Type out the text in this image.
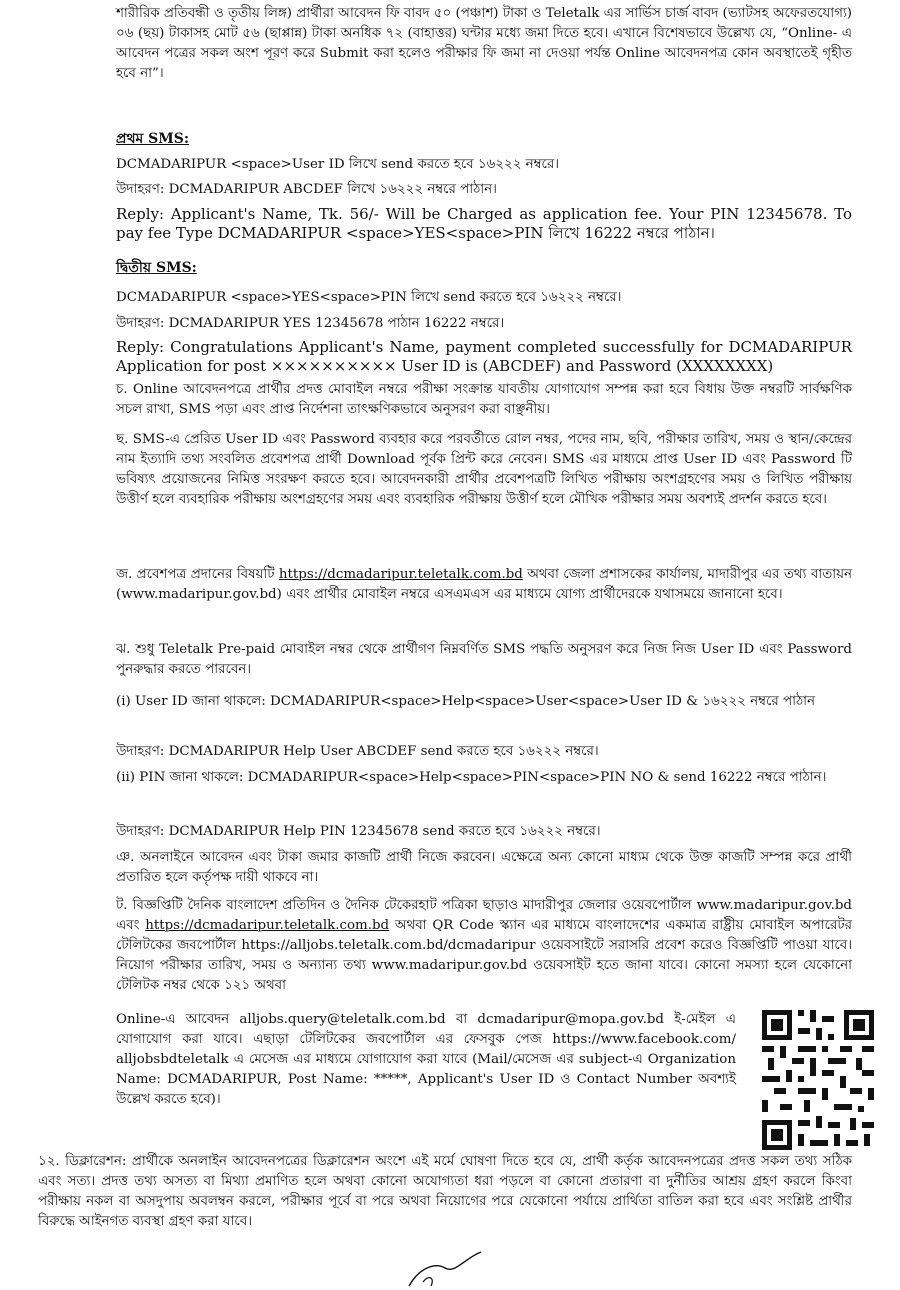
শারীরিক প্রতিবন্ধী ও তৃতীয় লিঙ্গ) প্রার্থীরা আবেদন ফি বাবদ ৫০ (পঞ্চাশ) টাকা ও Teletalk এর সার্ভিস চার্জ বাবদ (ভ্যাটসহ অফেরতযোগ্য) ০৬ (ছয়) টাকাসহ মোট ৫৬ (ছাপ্পান্ন) টাকা অনধিক ৭২ (বাহাত্তর) ঘন্টার মধ্যে জমা দিতে হবে। এখানে বিশেষভাবে উল্লেখ্য যে, “Online- এ আবেদন পত্রের সকল অংশ পূরণ করে Submit করা হলেও পরীক্ষার ফি জমা না দেওয়া পর্যন্ত Online আবেদনপত্র কোন অবস্থাতেই গৃহীত হবে না”।

প্রথম SMS:
DCMADARIPUR <space>User ID লিখে send করতে হবে ১৬২২২ নম্বরে।
উদাহরণ: DCMADARIPUR ABCDEF লিখে ১৬২২২ নম্বরে পাঠান।

Reply: Applicant's Name, Tk. 56/- Will be Charged as application fee. Your PIN 12345678. To pay fee Type DCMADARIPUR <space>YES<space>PIN লিখে 16222 নম্বরে পাঠান।

দ্বিতীয় SMS:
DCMADARIPUR <space>YES<space>PIN লিখে send করতে হবে ১৬২২২ নম্বরে।
উদাহরণ: DCMADARIPUR YES 12345678 পাঠান 16222 নম্বরে।

Reply: Congratulations Applicant's Name, payment completed successfully for DCMADARIPUR Application for post ×××××××××× User ID is (ABCDEF) and Password (XXXXXXXX)

চ. Online আবেদনপত্রে প্রার্থীর প্রদত্ত মোবাইল নম্বরে পরীক্ষা সংক্রান্ত যাবতীয় যোগাযোগ সম্পন্ন করা হবে বিধায় উক্ত নম্বরটি সার্বক্ষণিক সচল রাখা, SMS পড়া এবং প্রাপ্ত নির্দেশনা তাৎক্ষণিকভাবে অনুসরণ করা বাঞ্ছনীয়।

ছ. SMS-এ প্রেরিত User ID এবং Password ব্যবহার করে পরবর্তীতে রোল নম্বর, পদের নাম, ছবি, পরীক্ষার তারিখ, সময় ও স্থান/কেন্দ্রের নাম ইত্যাদি তথ্য সংবলিত প্রবেশপত্র প্রার্থী Download পূর্বক প্রিন্ট করে নেবেন। SMS এর মাধ্যমে প্রাপ্ত User ID এবং Password টি ভবিষ্যৎ প্রয়োজনের নিমিত্ত সংরক্ষণ করতে হবে। আবেদনকারী প্রার্থীর প্রবেশপত্রটি লিখিত পরীক্ষায় অংশগ্রহণের সময় ও লিখিত পরীক্ষায় উত্তীর্ণ হলে ব্যবহারিক পরীক্ষায় অংশগ্রহণের সময় এবং ব্যবহারিক পরীক্ষায় উত্তীর্ণ হলে মৌখিক পরীক্ষার সময় অবশ্যই প্রদর্শন করতে হবে।

জ. প্রবেশপত্র প্রদানের বিষয়টি https://dcmadaripur.teletalk.com.bd অথবা জেলা প্রশাসকের কার্যালয়, মাদারীপুর এর তথ্য বাতায়ন (www.madaripur.gov.bd) এবং প্রার্থীর মোবাইল নম্বরে এসএমএস এর মাধ্যমে যোগ্য প্রার্থীদেরকে যথাসময়ে জানানো হবে।

ঝ. শুধু Teletalk Pre-paid মোবাইল নম্বর থেকে প্রার্থীগণ নিম্নবর্ণিত SMS পদ্ধতি অনুসরণ করে নিজ নিজ User ID এবং Password পুনরুদ্ধার করতে পারবেন।

(i) User ID জানা থাকলে: DCMADARIPUR<space>Help<space>User<space>User ID & ১৬২২২ নম্বরে পাঠান

উদাহরণ: DCMADARIPUR Help User ABCDEF send করতে হবে ১৬২২২ নম্বরে।

(ii) PIN জানা থাকলে: DCMADARIPUR<space>Help<space>PIN<space>PIN NO & send 16222 নম্বরে পাঠান।

উদাহরণ: DCMADARIPUR Help PIN 12345678 send করতে হবে ১৬২২২ নম্বরে।

ঞ. অনলাইনে আবেদন এবং টাকা জমার কাজটি প্রার্থী নিজে করবেন। এক্ষেত্রে অন্য কোনো মাধ্যম থেকে উক্ত কাজটি সম্পন্ন করে প্রার্থী প্রতারিত হলে কর্তৃপক্ষ দায়ী থাকবে না।

ট. বিজ্ঞপ্তিটি দৈনিক বাংলাদেশ প্রতিদিন ও দৈনিক টেকেরহাট পত্রিকা ছাড়াও মাদারীপুর জেলার ওয়েবপোর্টাল www.madaripur.gov.bd এবং https://dcmadaripur.teletalk.com.bd অথবা QR Code স্ক্যান এর মাধ্যমে বাংলাদেশের একমাত্র রাষ্ট্রীয় মোবাইল অপারেটর টেলিটকের জবপোর্টাল https://alljobs.teletalk.com.bd/dcmadaripur ওয়েবসাইটে সরাসরি প্রবেশ করেও বিজ্ঞপ্তিটি পাওয়া যাবে। নিয়োগ পরীক্ষার তারিখ, সময় ও অন্যান্য তথ্য www.madaripur.gov.bd ওয়েবসাইট হতে জানা যাবে। কোনো সমস্যা হলে যেকোনো টেলিটক নম্বর থেকে ১২১ অথবা

Online-এ আবেদন alljobs.query@teletalk.com.bd বা dcmadaripur@mopa.gov.bd ই-মেইল এ যোগাযোগ করা যাবে। এছাড়া টেলিটকের জবপোর্টাল এর ফেসবুক পেজ https://www.facebook.com/ alljobsbdteletalk এ মেসেজ এর মাধ্যমে যোগাযোগ করা যাবে (Mail/মেসেজ এর subject-এ Organization Name: DCMADARIPUR, Post Name: *****, Applicant's User ID ও Contact Number অবশ্যই উল্লেখ করতে হবে)।

১২. ডিক্লারেশন: প্রার্থীকে অনলাইন আবেদনপত্রের ডিক্লারেশন অংশে এই মর্মে ঘোষণা দিতে হবে যে, প্রার্থী কর্তৃক আবেদনপত্রের প্রদত্ত সকল তথ্য সঠিক এবং সত্য। প্রদত্ত তথ্য অসত্য বা মিথ্যা প্রমাণিত হলে অথবা কোনো অযোগ্যতা ধরা পড়লে বা কোনো প্রতারণা বা দুর্নীতির আশ্রয় গ্রহণ করলে কিংবা পরীক্ষায় নকল বা অসদুপায় অবলম্বন করলে, পরীক্ষার পূর্বে বা পরে অথবা নিয়োগের পরে যেকোনো পর্যায়ে প্রার্থিতা বাতিল করা হবে এবং সংশ্লিষ্ট প্রার্থীর বিরুদ্ধে আইনগত ব্যবস্থা গ্রহণ করা যাবে।
